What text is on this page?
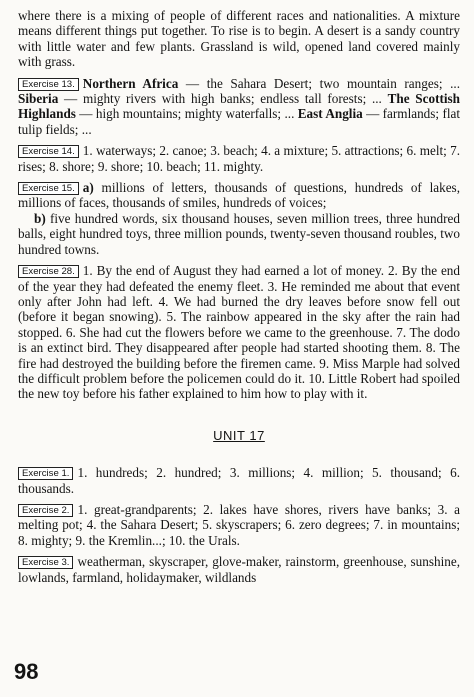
where there is a mixing of people of different races and nationalities. A mixture means different things put together. To rise is to begin. A desert is a sandy country with little water and few plants. Grassland is wild, opened land covered mainly with grass.

Exercise 13. Northern Africa — the Sahara Desert; two mountain ranges; ... Siberia — mighty rivers with high banks; endless tall forests; ... The Scottish Highlands — high mountains; mighty waterfalls; ... East Anglia — farmlands; flat tulip fields; ...

Exercise 14. 1. waterways; 2. canoe; 3. beach; 4. a mixture; 5. attractions; 6. melt; 7. rises; 8. shore; 9. shore; 10. beach; 11. mighty.

Exercise 15. a) millions of letters, thousands of questions, hundreds of lakes, millions of faces, thousands of smiles, hundreds of voices;

b) five hundred words, six thousand houses, seven million trees, three hundred balls, eight hundred toys, three million pounds, twenty-seven thousand roubles, two hundred towns.

Exercise 28. 1. By the end of August they had earned a lot of money. 2. By the end of the year they had defeated the enemy fleet. 3. He reminded me about that event only after John had left. 4. We had burned the dry leaves before snow fell out (before it began snowing). 5. The rainbow appeared in the sky after the rain had stopped. 6. She had cut the flowers before we came to the greenhouse. 7. The dodo is an extinct bird. They disappeared after people had started shooting them. 8. The fire had destroyed the building before the firemen came. 9. Miss Marple had solved the difficult problem before the policemen could do it. 10. Little Robert had spoiled the new toy before his father explained to him how to play with it.

UNIT 17

Exercise 1. 1. hundreds; 2. hundred; 3. millions; 4. million; 5. thousand; 6. thousands.

Exercise 2. 1. great-grandparents; 2. lakes have shores, rivers have banks; 3. a melting pot; 4. the Sahara Desert; 5. skyscrapers; 6. zero degrees; 7. in mountains; 8. mighty; 9. the Kremlin...; 10. the Urals.

Exercise 3. weatherman, skyscraper, glove-maker, rainstorm, greenhouse, sunshine, lowlands, farmland, holidaymaker, wildlands

98
